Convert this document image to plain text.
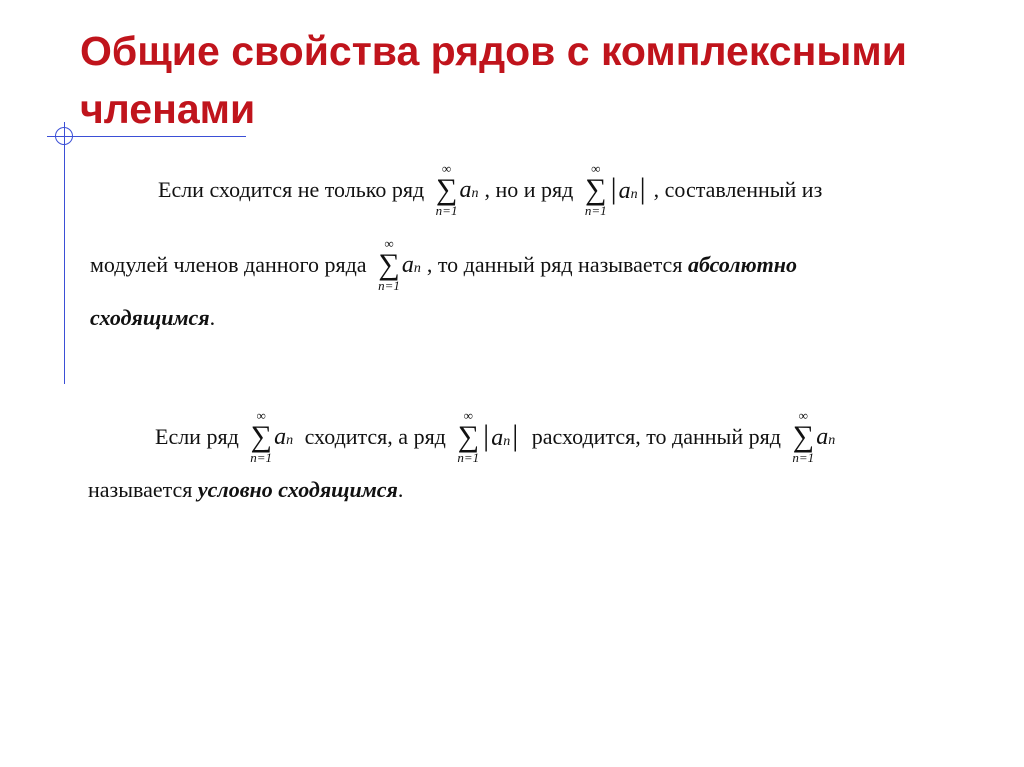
Общие свойства рядов с комплексными членами
Если сходится не только ряд
∞
∑
n=1
a n , но и ряд
∞
∑
n=1
| a n | , составленный из
модулей членов данного ряда
∞
∑
n=1
a n , то данный ряд называется абсолютно
сходящимся .
Если ряд
∞
∑
n=1
a n сходится, а ряд
∞
∑
n=1
| a n | расходится, то данный ряд
∞
∑
n=1
a n
называется условно сходящимся .
